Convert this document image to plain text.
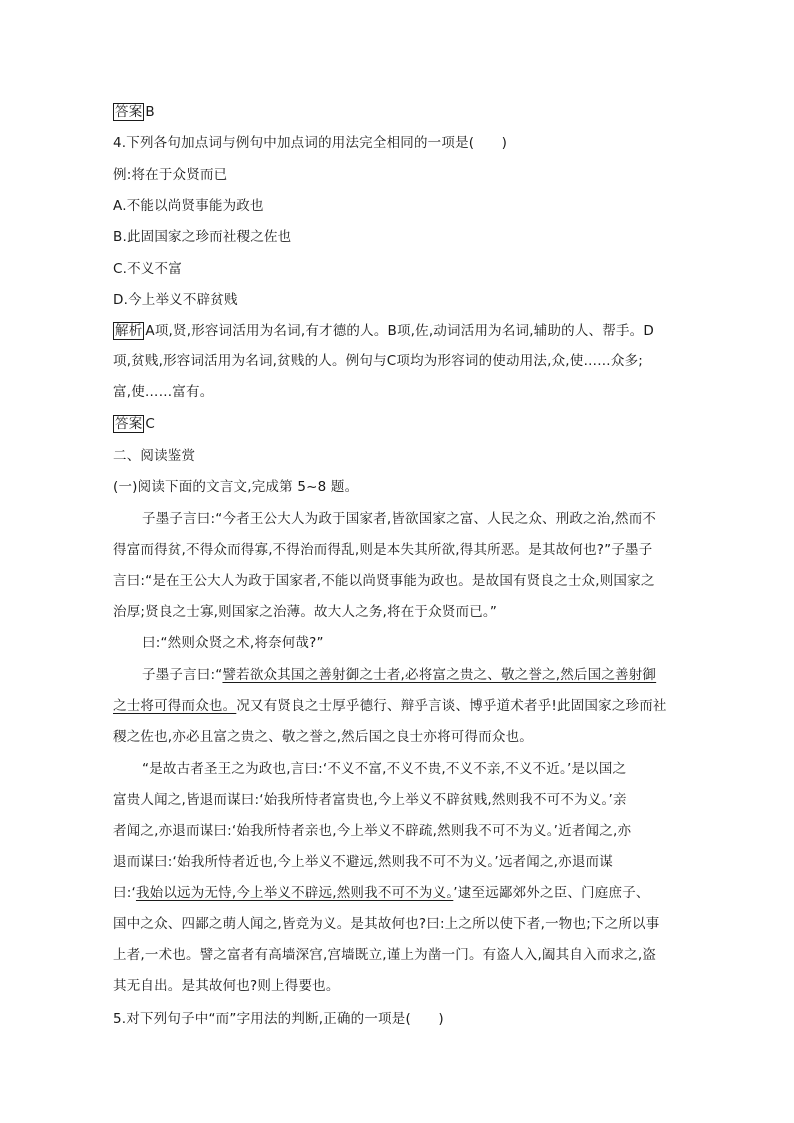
答案 B
4.下列各句加点词与例句中加点词的用法完全相同的一项是(　　)
例:将在于众贤而已
A.不能以尚贤事能为政也
B.此固国家之珍而社稷之佐也
C.不义不富
D.今上举义不辟贫贱
解析 A项,贤,形容词活用为名词,有才德的人。B项,佐,动词活用为名词,辅助的人、帮手。D
项,贫贱,形容词活用为名词,贫贱的人。例句与C项均为形容词的使动用法,众,使……众多;
富,使……富有。
答案 C
二、阅读鉴赏
(一)阅读下面的文言文,完成第 5~8 题。
子墨子言曰:“今者王公大人为政于国家者,皆欲国家之富、人民之众、刑政之治,然而不
得富而得贫,不得众而得寡,不得治而得乱,则是本失其所欲,得其所恶。是其故何也?”子墨子
言曰:“是在王公大人为政于国家者,不能以尚贤事能为政也。是故国有贤良之士众,则国家之
治厚;贤良之士寡,则国家之治薄。故大人之务,将在于众贤而已。”
曰:“然则众贤之术,将奈何哉?”
子墨子言曰:“譬若欲众其国之善射御之士者,必将富之贵之、敬之誉之,然后国之善射御
之士将可得而众也。况又有贤良之士厚乎德行、辩乎言谈、博乎道术者乎!此固国家之珍而社
稷之佐也,亦必且富之贵之、敬之誉之,然后国之良士亦将可得而众也。
“是故古者圣王之为政也,言曰:‘不义不富,不义不贵,不义不亲,不义不近。’是以国之
富贵人闻之,皆退而谋曰:‘始我所恃者富贵也,今上举义不辟贫贱,然则我不可不为义。’亲
者闻之,亦退而谋曰:‘始我所恃者亲也,今上举义不辟疏,然则我不可不为义。’近者闻之,亦
退而谋曰:‘始我所恃者近也,今上举义不避远,然则我不可不为义。’远者闻之,亦退而谋
曰:‘我始以远为无恃,今上举义不辟远,然则我不可不为义。’逮至远鄙郊外之臣、门庭庶子、
国中之众、四鄙之萌人闻之,皆竞为义。是其故何也?曰:上之所以使下者,一物也;下之所以事
上者,一术也。譬之富者有高墙深宫,宫墙既立,谨上为凿一门。有盗人入,阖其自入而求之,盗
其无自出。是其故何也?则上得要也。
5.对下列句子中“而”字用法的判断,正确的一项是(　　)
